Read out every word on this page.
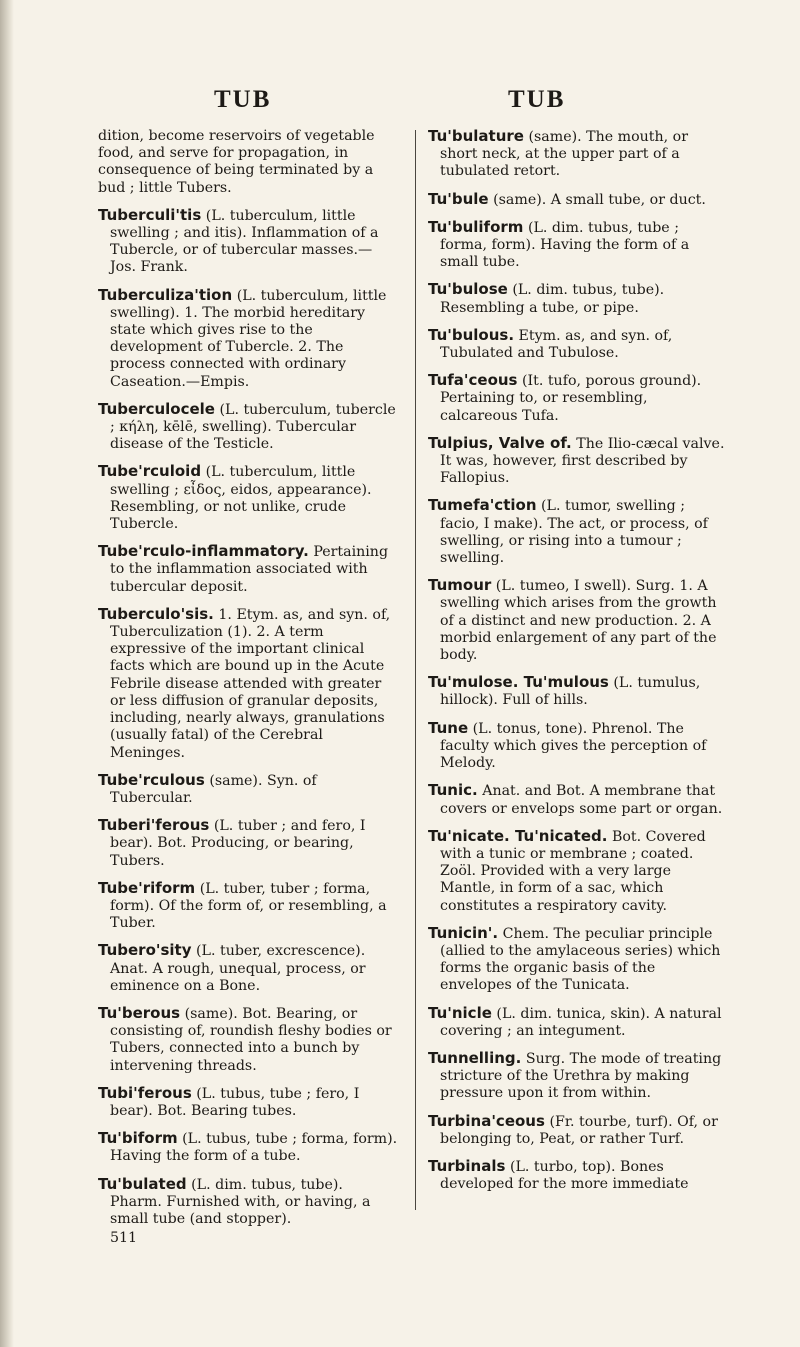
TUB	TUB

dition, become reservoirs of vegetable food, and serve for propagation, in consequence of being terminated by a bud ; little Tubers.

Tuberculi'tis (L. tuberculum, little swelling ; and itis). Inflammation of a Tubercle, or of tubercular masses.— Jos. Frank.

Tuberculiza'tion (L. tuberculum, little swelling). 1. The morbid hereditary state which gives rise to the development of Tubercle. 2. The process connected with ordinary Caseation.—Empis.

Tuberculocele (L. tuberculum, tubercle ; κήλη, kēlē, swelling). Tubercular disease of the Testicle.

Tube'rculoid (L. tuberculum, little swelling ; εἶδος, eidos, appearance). Resembling, or not unlike, crude Tubercle.

Tube'rculo-inflammatory. Pertaining to the inflammation associated with tubercular deposit.

Tuberculo'sis. 1. Etym. as, and syn. of, Tuberculization (1). 2. A term expressive of the important clinical facts which are bound up in the Acute Febrile disease attended with greater or less diffusion of granular deposits, including, nearly always, granulations (usually fatal) of the Cerebral Meninges.

Tube'rculous (same). Syn. of Tubercular.

Tuberi'ferous (L. tuber ; and fero, I bear). Bot. Producing, or bearing, Tubers.

Tube'riform (L. tuber, tuber ; forma, form). Of the form of, or resembling, a Tuber.

Tubero'sity (L. tuber, excrescence). Anat. A rough, unequal, process, or eminence on a Bone.

Tu'berous (same). Bot. Bearing, or consisting of, roundish fleshy bodies or Tubers, connected into a bunch by intervening threads.

Tubi'ferous (L. tubus, tube ; fero, I bear). Bot. Bearing tubes.

Tu'biform (L. tubus, tube ; forma, form). Having the form of a tube.

Tu'bulated (L. dim. tubus, tube). Pharm. Furnished with, or having, a small tube (and stopper).

511

Tu'bulature (same). The mouth, or short neck, at the upper part of a tubulated retort.

Tu'bule (same). A small tube, or duct.

Tu'buliform (L. dim. tubus, tube ; forma, form). Having the form of a small tube.

Tu'bulose (L. dim. tubus, tube). Resembling a tube, or pipe.

Tu'bulous. Etym. as, and syn. of, Tubulated and Tubulose.

Tufa'ceous (It. tufo, porous ground). Pertaining to, or resembling, calcareous Tufa.

Tulpius, Valve of. The Ilio-cæcal valve. It was, however, first described by Fallopius.

Tumefa'ction (L. tumor, swelling ; facio, I make). The act, or process, of swelling, or rising into a tumour ; swelling.

Tumour (L. tumeo, I swell). Surg. 1. A swelling which arises from the growth of a distinct and new production. 2. A morbid enlargement of any part of the body.

Tu'mulose. Tu'mulous (L. tumulus, hillock). Full of hills.

Tune (L. tonus, tone). Phrenol. The faculty which gives the perception of Melody.

Tunic. Anat. and Bot. A membrane that covers or envelops some part or organ.

Tu'nicate. Tu'nicated. Bot. Covered with a tunic or membrane ; coated. Zoöl. Provided with a very large Mantle, in form of a sac, which constitutes a respiratory cavity.

Tunicin'. Chem. The peculiar principle (allied to the amylaceous series) which forms the organic basis of the envelopes of the Tunicata.

Tu'nicle (L. dim. tunica, skin). A natural covering ; an integument.

Tunnelling. Surg. The mode of treating stricture of the Urethra by making pressure upon it from within.

Turbina'ceous (Fr. tourbe, turf). Of, or belonging to, Peat, or rather Turf.

Turbinals (L. turbo, top). Bones developed for the more immediate
